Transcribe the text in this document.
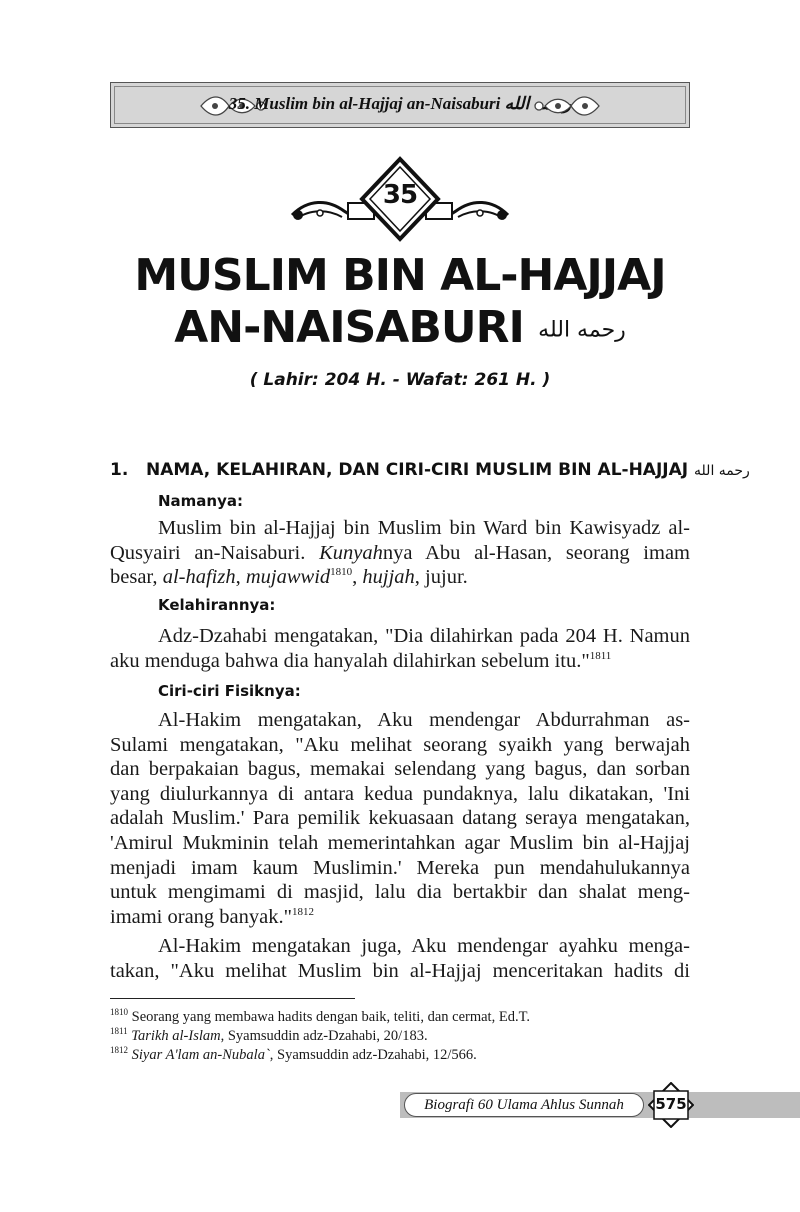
35. Muslim bin al-Hajjaj an-Naisaburi رحمه الله
35
MUSLIM BIN AL-HAJJAJ
AN-NAISABURI رحمه الله
( Lahir: 204 H. - Wafat: 261 H. )
1. NAMA, KELAHIRAN, DAN CIRI-CIRI MUSLIM BIN AL-HAJJAJ رحمه الله
Namanya:
Muslim bin al-Hajjaj bin Muslim bin Ward bin Kawisyadz al-
Qusyairi an-Naisaburi. Kunyahnya Abu al-Hasan, seorang imam
besar, al-hafizh, mujawwid$^{1810}$, hujjah, jujur.
Kelahirannya:
Adz-Dzahabi mengatakan, "Dia dilahirkan pada 204 H. Namun
aku menduga bahwa dia hanyalah dilahirkan sebelum itu."$^{1811}$
Ciri-ciri Fisiknya:
Al-Hakim mengatakan, Aku mendengar Abdurrahman as-
Sulami mengatakan, "Aku melihat seorang syaikh yang berwajah
dan berpakaian bagus, memakai selendang yang bagus, dan sorban
yang diulurkannya di antara kedua pundaknya, lalu dikatakan, 'Ini
adalah Muslim.' Para pemilik kekuasaan datang seraya mengatakan,
'Amirul Mukminin telah memerintahkan agar Muslim bin al-Hajjaj
menjadi imam kaum Muslimin.' Mereka pun mendahulukannya
untuk mengimami di masjid, lalu dia bertakbir dan shalat meng-
imami orang banyak."$^{1812}$
Al-Hakim mengatakan juga, Aku mendengar ayahku menga-
takan, "Aku melihat Muslim bin al-Hajjaj menceritakan hadits di
$^{1810}$ Seorang yang membawa hadits dengan baik, teliti, dan cermat, Ed.T.
$^{1811}$ Tarikh al-Islam, Syamsuddin adz-Dzahabi, 20/183.
$^{1812}$ Siyar A'lam an-Nubala`, Syamsuddin adz-Dzahabi, 12/566.
Biografi 60 Ulama Ahlus Sunnah	575
